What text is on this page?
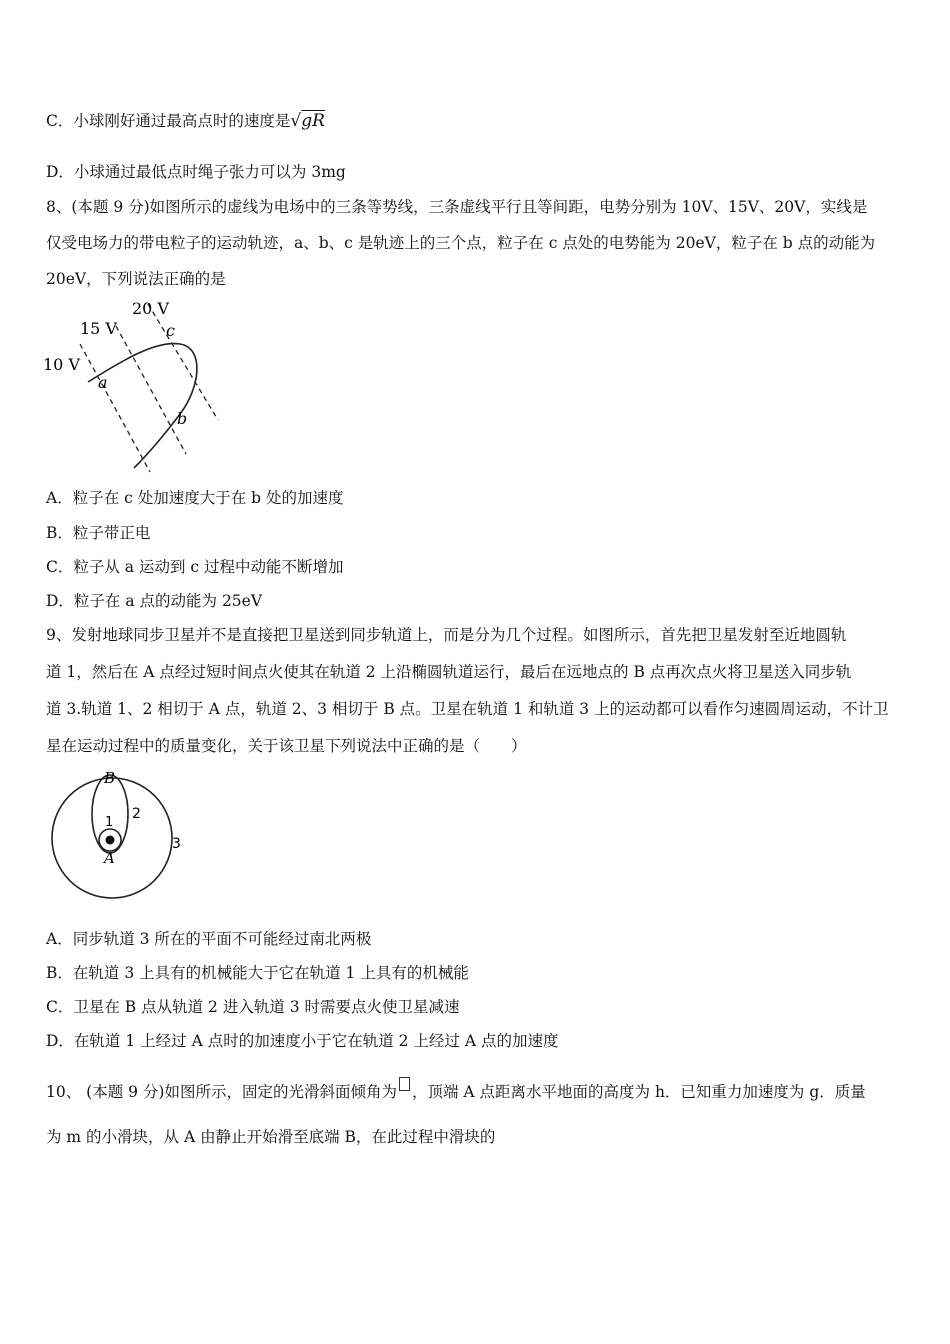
C．小球刚好通过最高点时的速度是√gR
D．小球通过最低点时绳子张力可以为 3mg
8、(本题 9 分)如图所示的虚线为电场中的三条等势线，三条虚线平行且等间距，电势分别为 10V、15V、20V，实线是
仅受电场力的带电粒子的运动轨迹，a、b、c 是轨迹上的三个点，粒子在 c 点处的电势能为 20eV，粒子在 b 点的动能为
20eV，下列说法正确的是
20 V
15 V
10 V
a
b
c
A．粒子在 c 处加速度大于在 b 处的加速度
B．粒子带正电
C．粒子从 a 运动到 c 过程中动能不断增加
D．粒子在 a 点的动能为 25eV
9、发射地球同步卫星并不是直接把卫星送到同步轨道上，而是分为几个过程。如图所示，首先把卫星发射至近地圆轨
道 1，然后在 A 点经过短时间点火使其在轨道 2 上沿椭圆轨道运行，最后在远地点的 B 点再次点火将卫星送入同步轨
道 3.轨道 1、2 相切于 A 点，轨道 2、3 相切于 B 点。卫星在轨道 1 和轨道 3 上的运动都可以看作匀速圆周运动，不计卫
星在运动过程中的质量变化，关于该卫星下列说法中正确的是（　　）
B
1
2
3
A
A．同步轨道 3 所在的平面不可能经过南北两极
B．在轨道 3 上具有的机械能大于它在轨道 1 上具有的机械能
C．卫星在 B 点从轨道 2 进入轨道 3 时需要点火使卫星减速
D．在轨道 1 上经过 A 点时的加速度小于它在轨道 2 上经过 A 点的加速度
10、 (本题 9 分)如图所示，固定的光滑斜面倾角为 ，顶端 A 点距离水平地面的高度为 h．已知重力加速度为 g．质量
为 m 的小滑块，从 A 由静止开始滑至底端 B，在此过程中滑块的
